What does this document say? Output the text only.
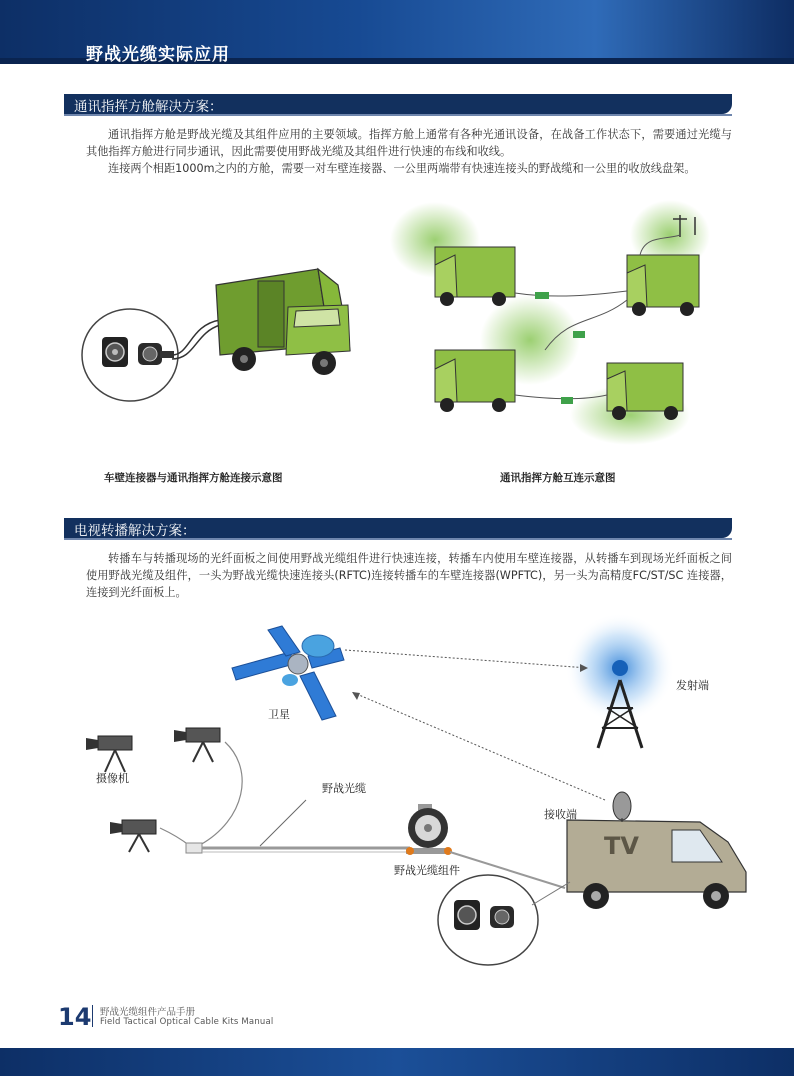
野战光缆实际应用
通讯指挥方舱解决方案：

通讯指挥方舱是野战光缆及其组件应用的主要领域。指挥方舱上通常有各种光通讯设备，在战备工作状态下，需要通过光缆与其他指挥方舱进行同步通讯，因此需要使用野战光缆及其组件进行快速的布线和收线。

连接两个相距1000m之内的方舱，需要一对车壁连接器、一公里两端带有快速连接头的野战缆和一公里的收放线盘架。

车壁连接器与通讯指挥方舱连接示意图	通讯指挥方舱互连示意图
电视转播解决方案：

转播车与转播现场的光纤面板之间使用野战光缆组件进行快速连接，转播车内使用车壁连接器，从转播车到现场光纤面板之间使用野战光缆及组件，一头为野战光缆快速连接头(RFTC)连接转播车的车壁连接器(WPFTC)，另一头为高精度FC/ST/SC 连接器，连接到光纤面板上。

卫星
发射端
摄像机
野战光缆
接收端
野战光缆组件
TV
14 野战光缆组件产品手册
Field Tactical Optical Cable Kits Manual
